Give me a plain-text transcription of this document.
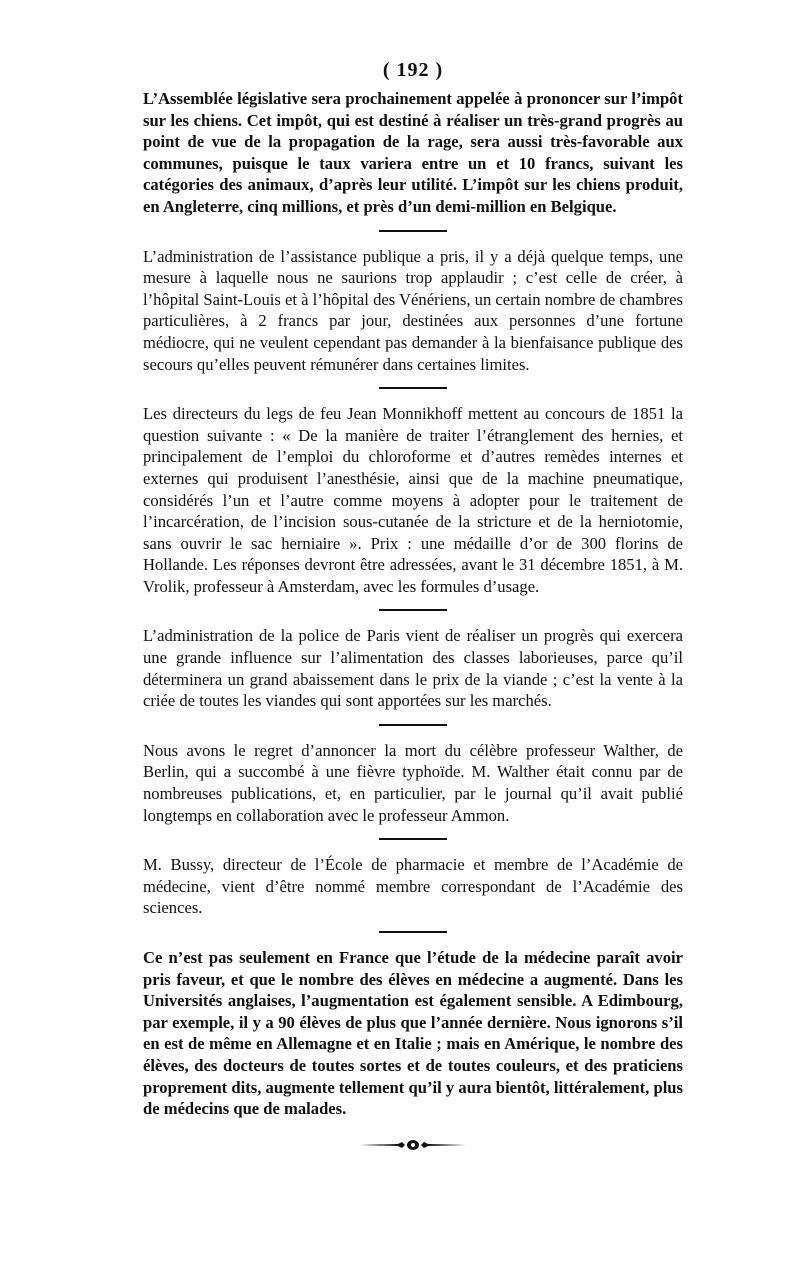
( 192 )

L’Assemblée législative sera prochainement appelée à prononcer sur l’impôt sur les chiens. Cet impôt, qui est destiné à réaliser un très-grand progrès au point de vue de la propagation de la rage, sera aussi très-favorable aux communes, puisque le taux variera entre un et 10 francs, suivant les catégories des animaux, d’après leur utilité. L’impôt sur les chiens produit, en Angleterre, cinq millions, et près d’un demi-million en Belgique.

L’administration de l’assistance publique a pris, il y a déjà quelque temps, une mesure à laquelle nous ne saurions trop applaudir ; c’est celle de créer, à l’hôpital Saint-Louis et à l’hôpital des Vénériens, un certain nombre de chambres particulières, à 2 francs par jour, destinées aux personnes d’une fortune médiocre, qui ne veulent cependant pas demander à la bienfaisance publique des secours qu’elles peuvent rémunérer dans certaines limites.

Les directeurs du legs de feu Jean Monnikhoff mettent au concours de 1851 la question suivante : « De la manière de traiter l’étranglement des hernies, et principalement de l’emploi du chloroforme et d’autres remèdes internes et externes qui produisent l’anesthésie, ainsi que de la machine pneumatique, considérés l’un et l’autre comme moyens à adopter pour le traitement de l’incarcération, de l’incision sous-cutanée de la stricture et de la herniotomie, sans ouvrir le sac herniaire ». Prix : une médaille d’or de 300 florins de Hollande. Les réponses devront être adressées, avant le 31 décembre 1851, à M. Vrolik, professeur à Amsterdam, avec les formules d’usage.

L’administration de la police de Paris vient de réaliser un progrès qui exercera une grande influence sur l’alimentation des classes laborieuses, parce qu’il déterminera un grand abaissement dans le prix de la viande ; c’est la vente à la criée de toutes les viandes qui sont apportées sur les marchés.

Nous avons le regret d’annoncer la mort du célèbre professeur Walther, de Berlin, qui a succombé à une fièvre typhoïde. M. Walther était connu par de nombreuses publications, et, en particulier, par le journal qu’il avait publié longtemps en collaboration avec le professeur Ammon.

M. Bussy, directeur de l’École de pharmacie et membre de l’Académie de médecine, vient d’être nommé membre correspondant de l’Académie des sciences.

Ce n’est pas seulement en France que l’étude de la médecine paraît avoir pris faveur, et que le nombre des élèves en médecine a augmenté. Dans les Universités anglaises, l’augmentation est également sensible. A Edimbourg, par exemple, il y a 90 élèves de plus que l’année dernière. Nous ignorons s’il en est de même en Allemagne et en Italie ; mais en Amérique, le nombre des élèves, des docteurs de toutes sortes et de toutes couleurs, et des praticiens proprement dits, augmente tellement qu’il y aura bientôt, littéralement, plus de médecins que de malades.
